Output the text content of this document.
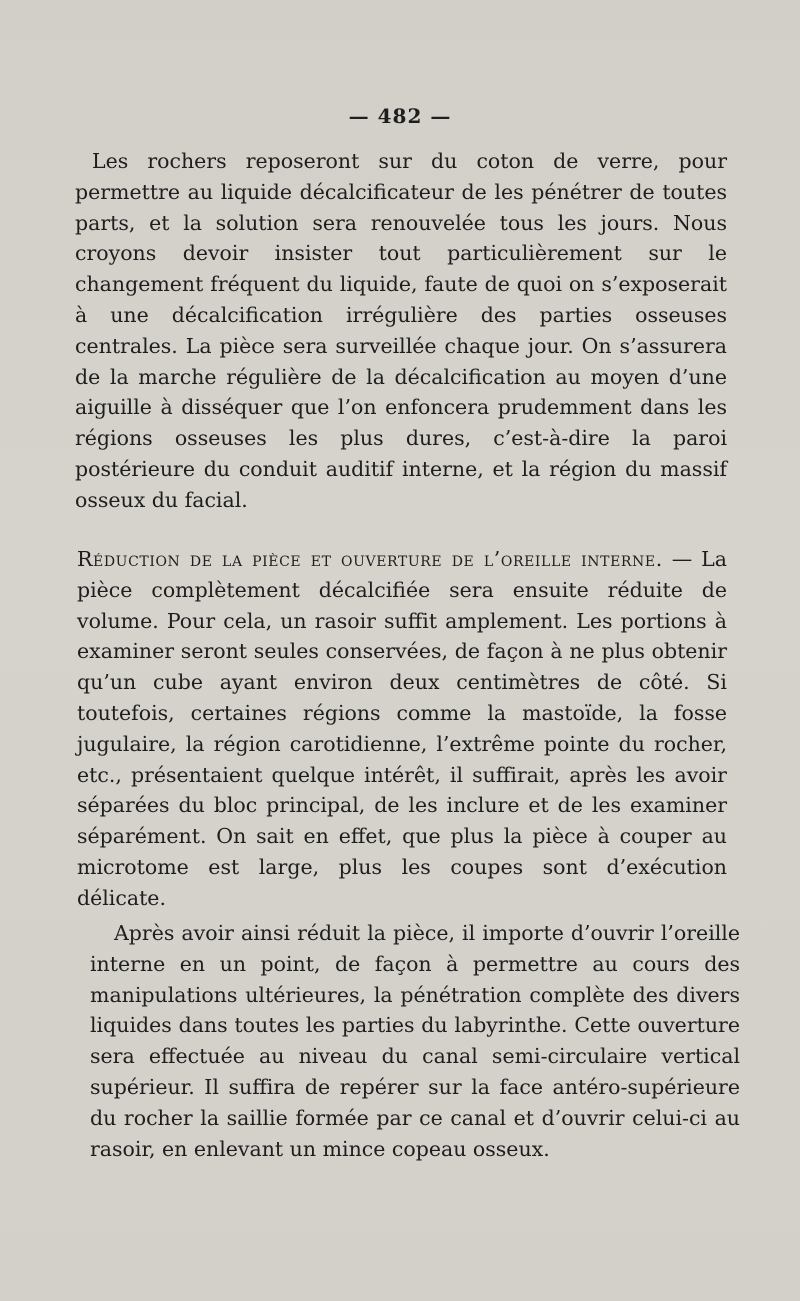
— 482 —

Les rochers reposeront sur du coton de verre, pour permettre au liquide décalcificateur de les pénétrer de toutes parts, et la solution sera renouvelée tous les jours. Nous croyons devoir insister tout particulièrement sur le changement fréquent du liquide, faute de quoi on s’exposerait à une décalcification irrégulière des parties osseuses centrales. La pièce sera surveillée chaque jour. On s’assurera de la marche régulière de la décalcification au moyen d’une aiguille à disséquer que l’on enfoncera prudemment dans les régions osseuses les plus dures, c’est-à-dire la paroi postérieure du conduit auditif interne, et la région du massif osseux du facial.

Réduction de la pièce et ouverture de l’oreille interne. — La pièce complètement décalcifiée sera ensuite réduite de volume. Pour cela, un rasoir suffit amplement. Les portions à examiner seront seules conservées, de façon à ne plus obtenir qu’un cube ayant environ deux centimètres de côté. Si toutefois, certaines régions comme la mastoïde, la fosse jugulaire, la région carotidienne, l’extrême pointe du rocher, etc., présentaient quelque intérêt, il suffirait, après les avoir séparées du bloc principal, de les inclure et de les examiner séparément. On sait en effet, que plus la pièce à couper au microtome est large, plus les coupes sont d’exécution délicate.

Après avoir ainsi réduit la pièce, il importe d’ouvrir l’oreille interne en un point, de façon à permettre au cours des manipulations ultérieures, la pénétration complète des divers liquides dans toutes les parties du labyrinthe. Cette ouverture sera effectuée au niveau du canal semi-circulaire vertical supérieur. Il suffira de repérer sur la face antéro-supérieure du rocher la saillie formée par ce canal et d’ouvrir celui-ci au rasoir, en enlevant un mince copeau osseux.
